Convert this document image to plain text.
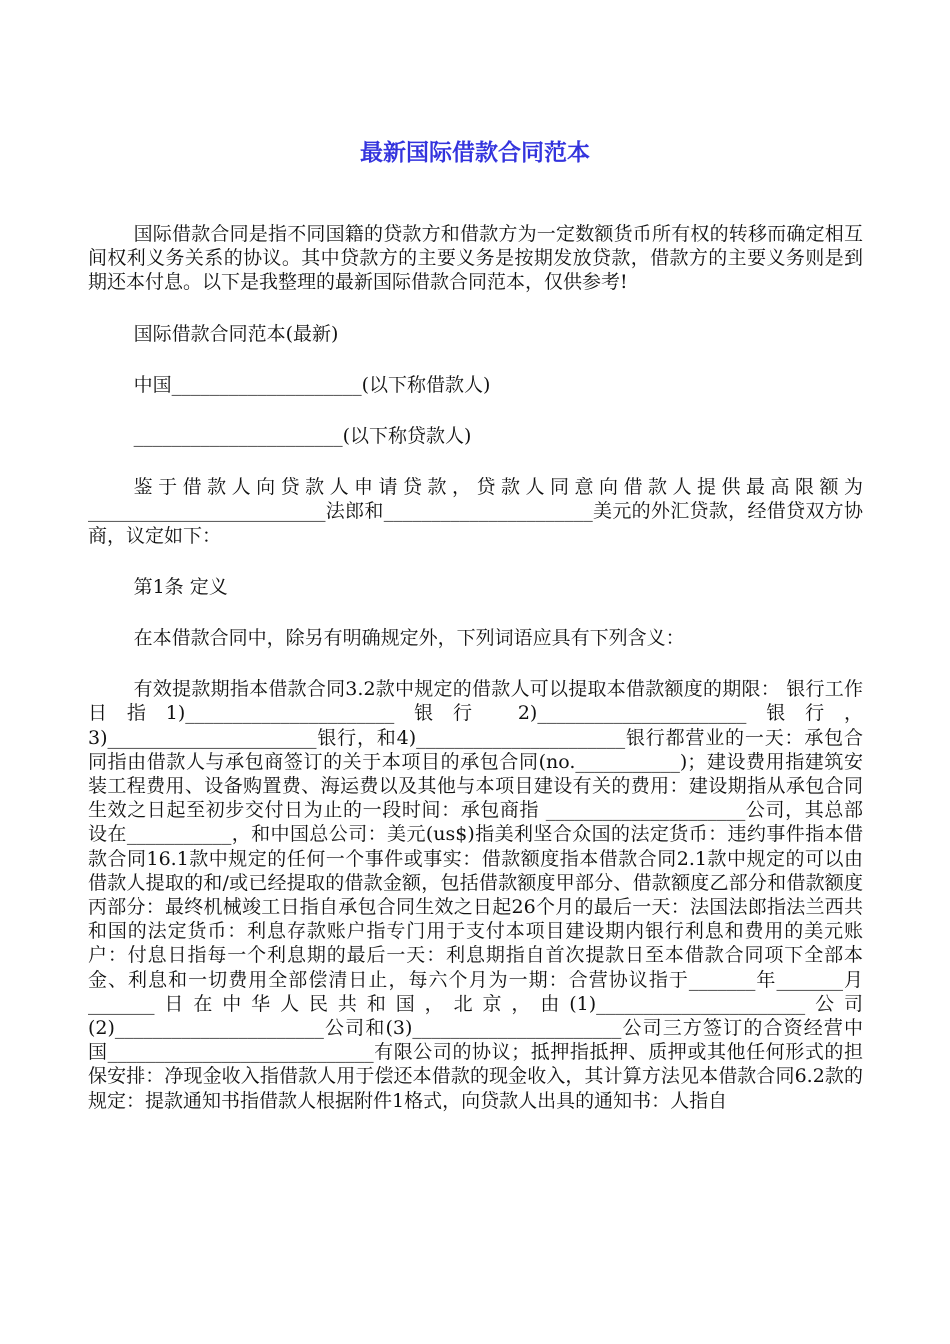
最新国际借款合同范本

国际借款合同是指不同国籍的贷款方和借款方为一定数额货币所有权的转移而确定相互间权利义务关系的协议。其中贷款方的主要义务是按期发放贷款，借款方的主要义务则是到期还本付息。以下是我整理的最新国际借款合同范本，仅供参考!

国际借款合同范本(最新)

中国____________________(以下称借款人)

______________________(以下称贷款人)

鉴于借款人向贷款人申请贷款，贷款人同意向借款人提供最高限额为_________________________法郎和______________________美元的外汇贷款，经借贷双方协商，议定如下：

第1条 定义

在本借款合同中，除另有明确规定外，下列词语应具有下列含义：

有效提款期指本借款合同3.2款中规定的借款人可以提取本借款额度的期限： 银行工作日指1)______________________银行 2)______________________银行，3)______________________银行，和4)______________________银行都营业的一天：承包合同指由借款人与承包商签订的关于本项目的承包合同(no.___________)；建设费用指建筑安装工程费用、设备购置费、海运费以及其他与本项目建设有关的费用：建设期指从承包合同生效之日起至初步交付日为止的一段时间：承包商指 _____________________公司，其总部设在___________，和中国总公司：美元(us$)指美利坚合众国的法定货币：违约事件指本借款合同16.1款中规定的任何一个事件或事实：借款额度指本借款合同2.1款中规定的可以由借款人提取的和/或已经提取的借款金额，包括借款额度甲部分、借款额度乙部分和借款额度丙部分：最终机械竣工日指自承包合同生效之日起26个月的最后一天：法国法郎指法兰西共和国的法定货币：利息存款账户指专门用于支付本项目建设期内银行利息和费用的美元账户：付息日指每一个利息期的最后一天：利息期指自首次提款日至本借款合同项下全部本金、利息和一切费用全部偿清日止，每六个月为一期：合营协议指于_______年_______月_______日在中华人民共和国，北京，由(1)______________________公司(2)______________________公司和(3)______________________公司三方签订的合资经营中国____________________________有限公司的协议；抵押指抵押、质押或其他任何形式的担保安排：净现金收入指借款人用于偿还本借款的现金收入，其计算方法见本借款合同6.2款的规定：提款通知书指借款人根据附件1格式，向贷款人出具的通知书：人指自
